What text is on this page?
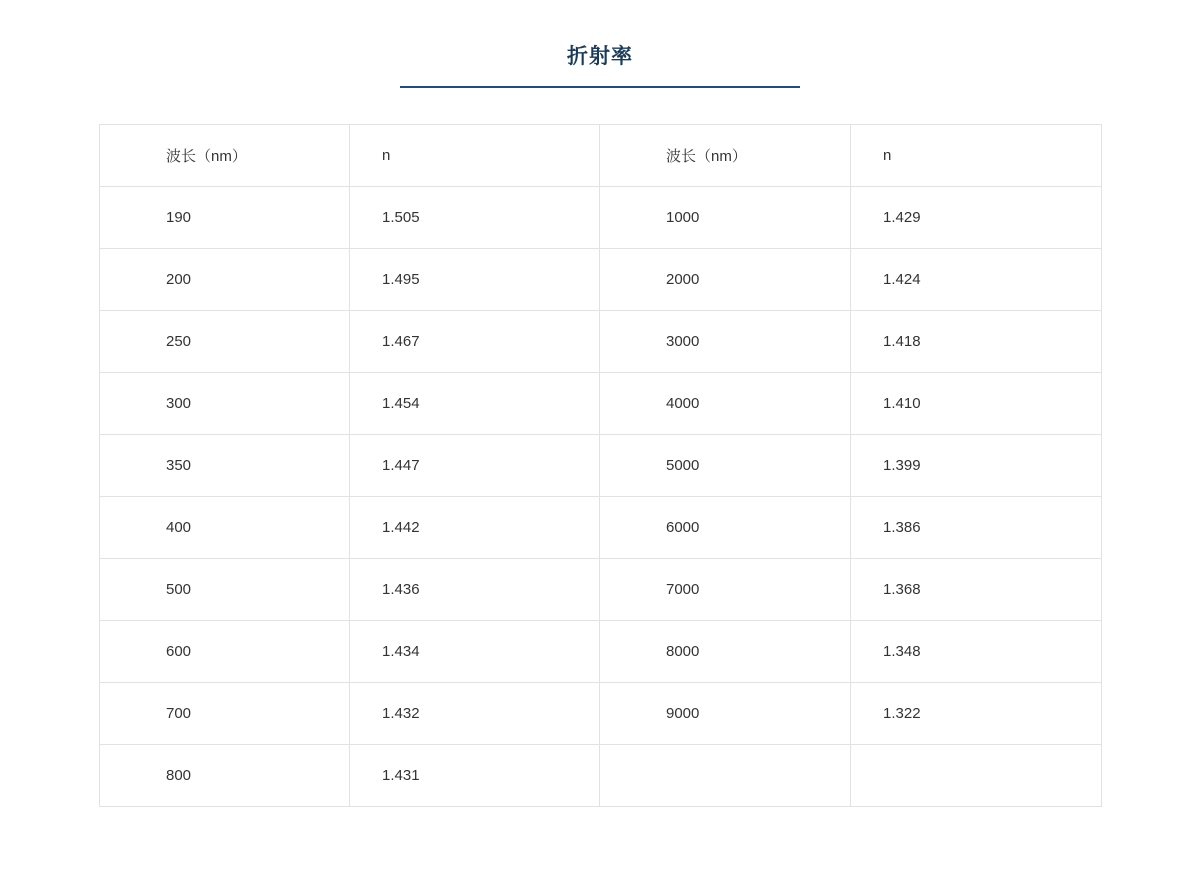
折射率
波长（nm）	n	波长（nm）	n
190	1.505	1000	1.429
200	1.495	2000	1.424
250	1.467	3000	1.418
300	1.454	4000	1.410
350	1.447	5000	1.399
400	1.442	6000	1.386
500	1.436	7000	1.368
600	1.434	8000	1.348
700	1.432	9000	1.322
800	1.431		
